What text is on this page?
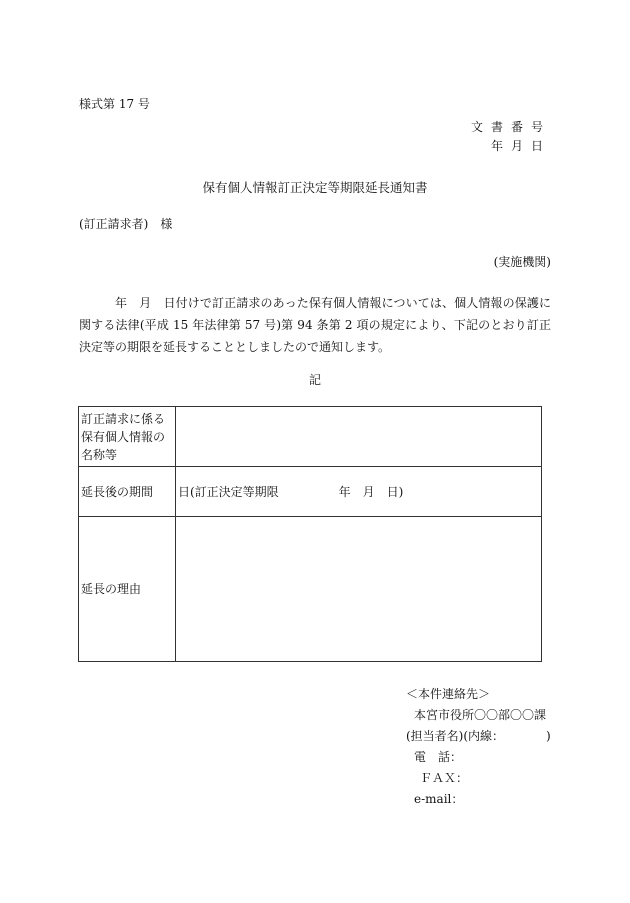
様式第 17 号
文書番号
年月日
保有個人情報訂正決定等期限延長通知書
(訂正請求者)　様
(実施機関)
年　月　日付けで訂正請求のあった保有個人情報については、個人情報の保護に関する法律(平成 15 年法律第 57 号)第 94 条第 2 項の規定により、下記のとおり訂正決定等の期限を延長することとしましたので通知します。
記
訂正請求に係る保有個人情報の名称等	
延長後の期間	日(訂正決定等期限　　　　　年　月　日)
延長の理由	
＜本件連絡先＞
本宮市役所〇〇部〇〇課
(担当者名)(内線：　　　　)
電　話：
ＦＡＸ：
e-mail：
